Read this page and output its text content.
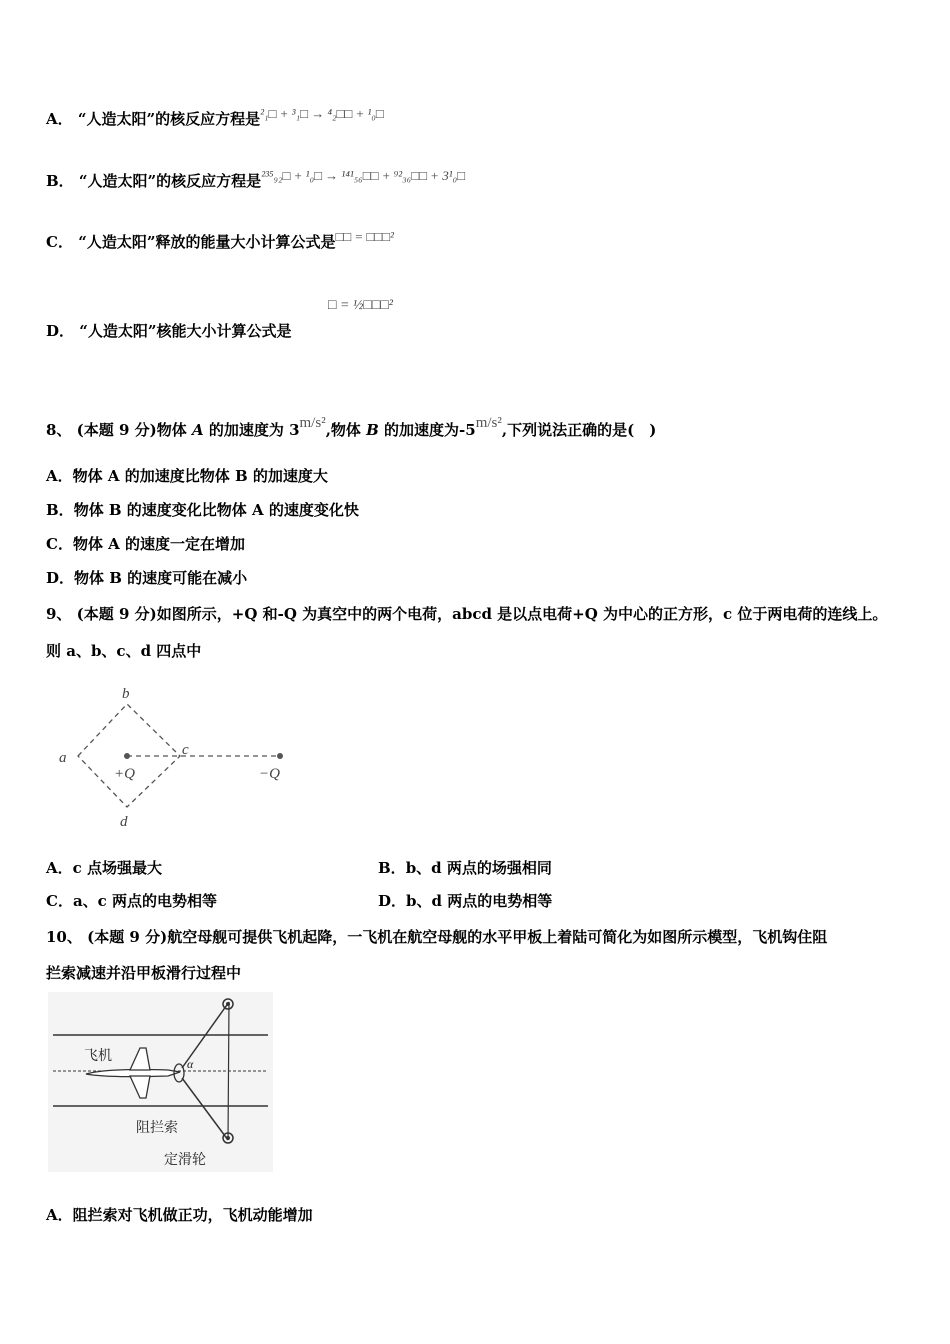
A． “人造太阳”的核反应方程是²₁□ + ³₁□ → ⁴₂□□ + ¹₀□
B． “人造太阳”的核反应方程是²³⁵₉₂□ + ¹₀□ → ¹⁴¹₅₆□□ + ⁹²₃₆□□ + 3¹₀□
C． “人造太阳”释放的能量大小计算公式是□□ = □□□²
D． “人造太阳”核能大小计算公式是
□ = ½□□□²
8、 (本题 9 分)物体 A 的加速度为 3m/s²,物体 B 的加速度为-5m/s²,下列说法正确的是(　)
A．物体 A 的加速度比物体 B 的加速度大
B．物体 B 的速度变化比物体 A 的速度变化快
C．物体 A 的速度一定在增加
D．物体 B 的速度可能在减小
9、 (本题 9 分)如图所示，+Q 和-Q 为真空中的两个电荷，abcd 是以点电荷+Q 为中心的正方形，c 位于两电荷的连线上。
则 a、b、c、d 四点中
a
b
c
d
+Q	−Q
A．c 点场强最大	B．b、d 两点的场强相同
C．a、c 两点的电势相等	D．b、d 两点的电势相等
10、 (本题 9 分)航空母舰可提供飞机起降，一飞机在航空母舰的水平甲板上着陆可简化为如图所示模型，飞机钩住阻
拦索减速并沿甲板滑行过程中
飞机	α
阻拦索
定滑轮
A．阻拦索对飞机做正功，飞机动能增加
